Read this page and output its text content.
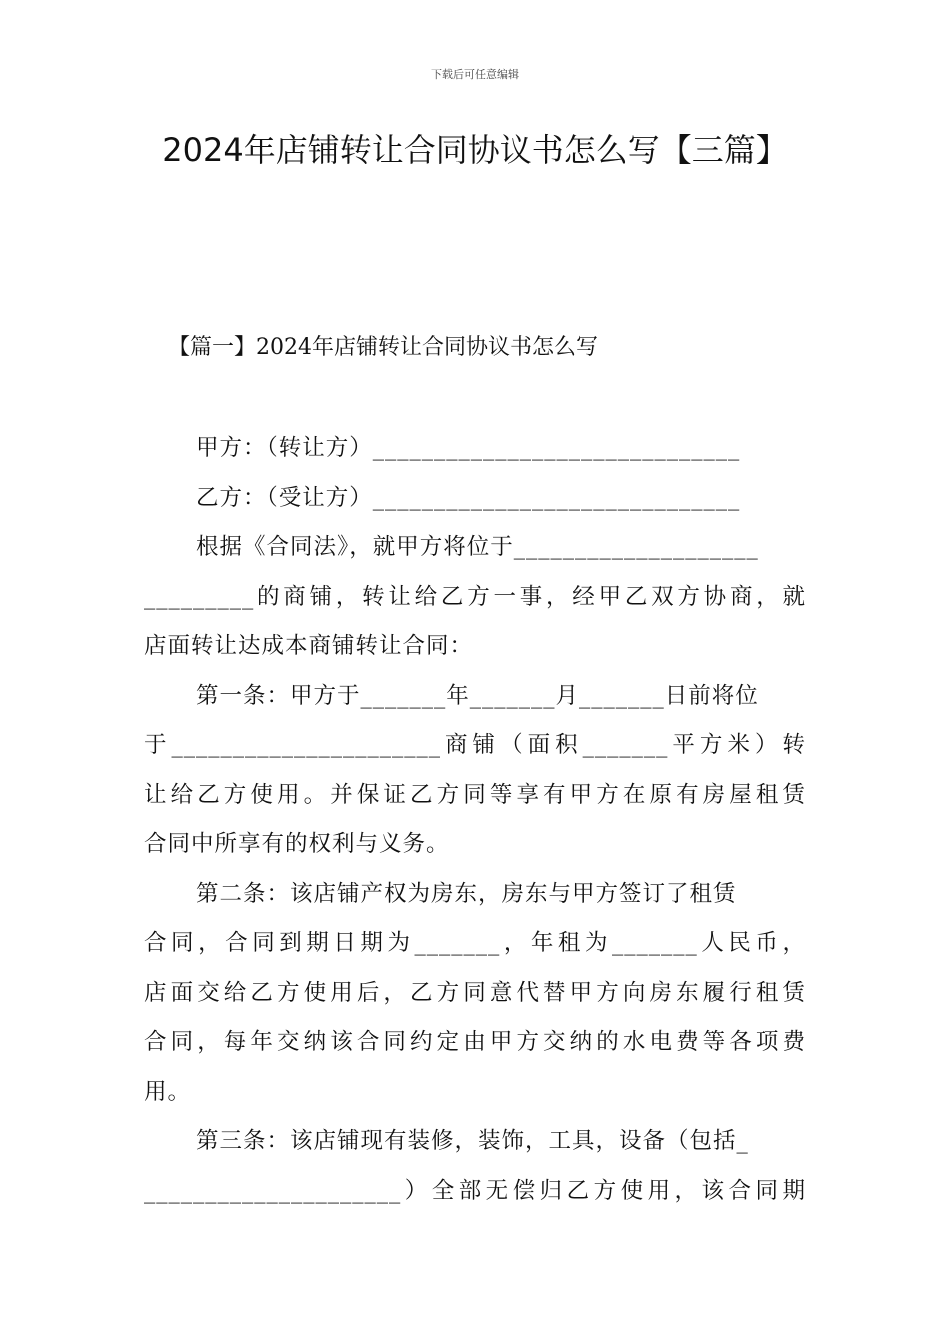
下载后可任意编辑
2024年店铺转让合同协议书怎么写【三篇】
【篇一】2024年店铺转让合同协议书怎么写
甲方：（转让方）______________________________
乙方：（受让方）______________________________
根据《合同法》，就甲方将位于____________________
_________的商铺，转让给乙方一事，经甲乙双方协商，就
店面转让达成本商铺转让合同：
第一条：甲方于_______年_______月_______日前将位
于______________________商铺（面积_______平方米）转
让给乙方使用。并保证乙方同等享有甲方在原有房屋租赁
合同中所享有的权利与义务。
第二条：该店铺产权为房东，房东与甲方签订了租赁
合同，合同到期日期为_______，年租为_______人民币，
店面交给乙方使用后，乙方同意代替甲方向房东履行租赁
合同，每年交纳该合同约定由甲方交纳的水电费等各项费
用。
第三条：该店铺现有装修，装饰，工具，设备（包括_
_____________________）全部无偿归乙方使用，该合同期
